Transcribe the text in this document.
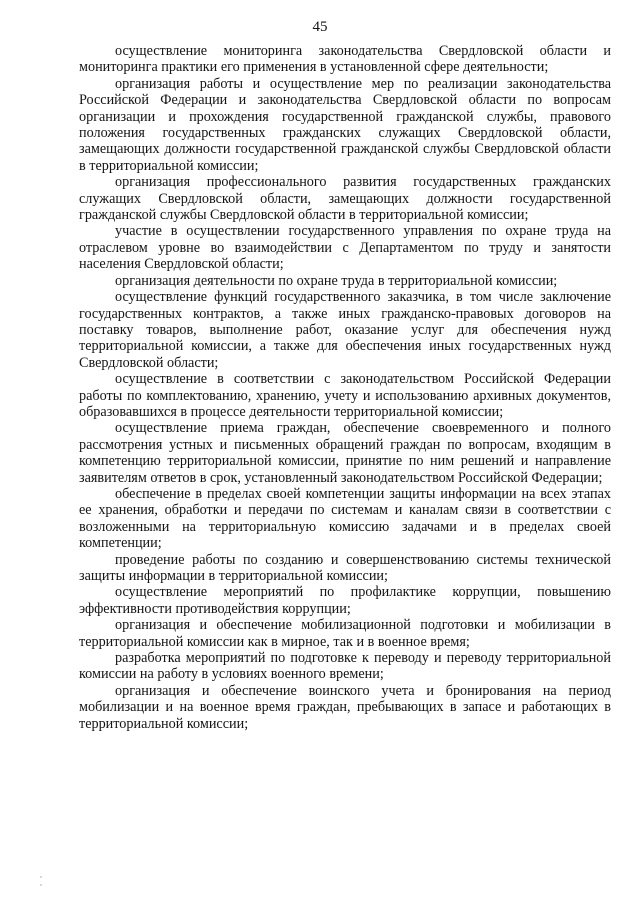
45

осуществление мониторинга законодательства Свердловской области и мониторинга практики его применения в установленной сфере деятельности;

организация работы и осуществление мер по реализации законодательства Российской Федерации и законодательства Свердловской области по вопросам организации и прохождения государственной гражданской службы, правового положения государственных гражданских служащих Свердловской области, замещающих должности государственной гражданской службы Свердловской области в территориальной комиссии;

организация профессионального развития государственных гражданских служащих Свердловской области, замещающих должности государственной гражданской службы Свердловской области в территориальной комиссии;

участие в осуществлении государственного управления по охране труда на отраслевом уровне во взаимодействии с Департаментом по труду и занятости населения Свердловской области;

организация деятельности по охране труда в территориальной комиссии;

осуществление функций государственного заказчика, в том числе заключение государственных контрактов, а также иных гражданско-правовых договоров на поставку товаров, выполнение работ, оказание услуг для обеспечения нужд территориальной комиссии, а также для обеспечения иных государственных нужд Свердловской области;

осуществление в соответствии с законодательством Российской Федерации работы по комплектованию, хранению, учету и использованию архивных документов, образовавшихся в процессе деятельности территориальной комиссии;

осуществление приема граждан, обеспечение своевременного и полного рассмотрения устных и письменных обращений граждан по вопросам, входящим в компетенцию территориальной комиссии, принятие по ним решений и направление заявителям ответов в срок, установленный законодательством Российской Федерации;

обеспечение в пределах своей компетенции защиты информации на всех этапах ее хранения, обработки и передачи по системам и каналам связи в соответствии с возложенными на территориальную комиссию задачами и в пределах своей компетенции;

проведение работы по созданию и совершенствованию системы технической защиты информации в территориальной комиссии;

осуществление мероприятий по профилактике коррупции, повышению эффективности противодействия коррупции;

организация и обеспечение мобилизационной подготовки и мобилизации в территориальной комиссии как в мирное, так и в военное время;

разработка мероприятий по подготовке к переводу и переводу территориальной комиссии на работу в условиях военного времени;

организация и обеспечение воинского учета и бронирования на период мобилизации и на военное время граждан, пребывающих в запасе и работающих в территориальной комиссии;
